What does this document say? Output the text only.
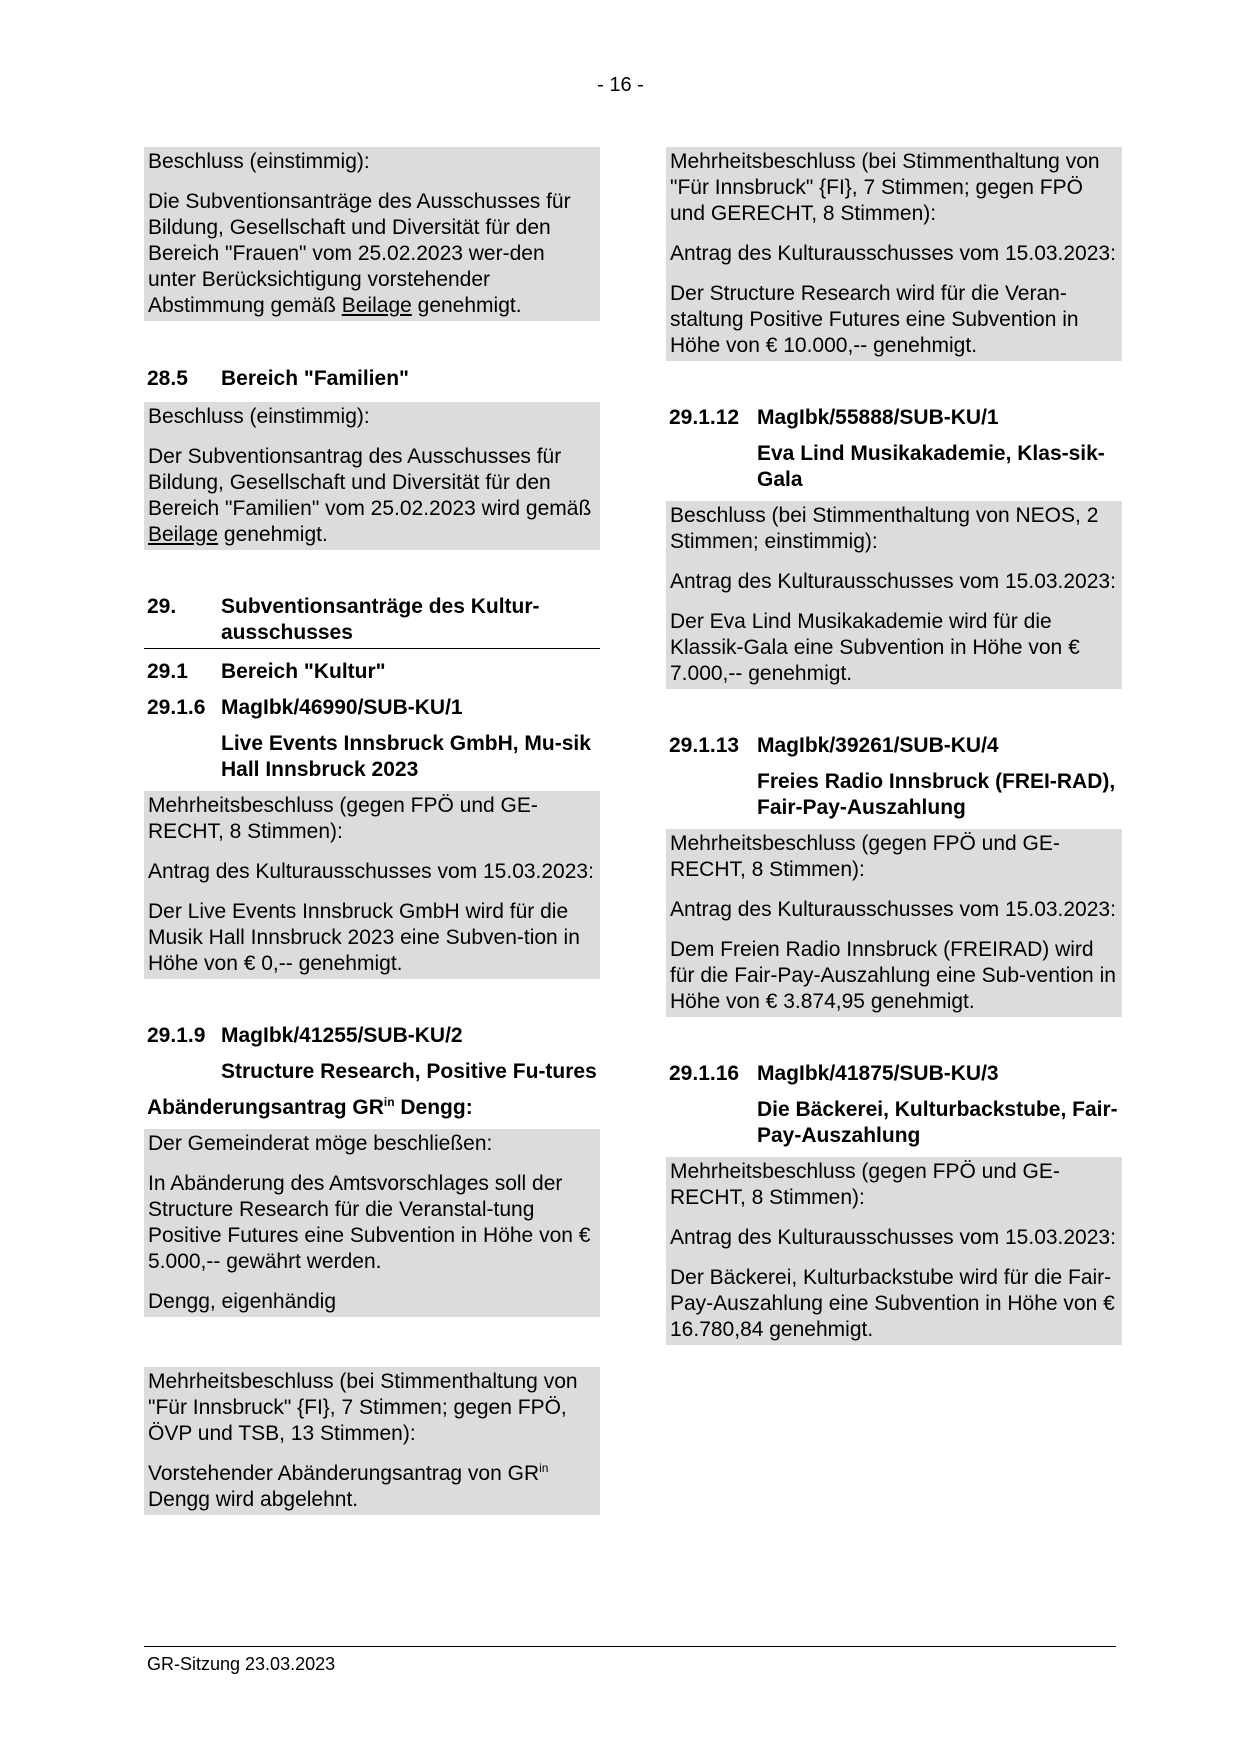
- 16 -
Beschluss (einstimmig):
Die Subventionsanträge des Ausschusses für Bildung, Gesellschaft und Diversität für den Bereich "Frauen" vom 25.02.2023 wer-den unter Berücksichtigung vorstehender Abstimmung gemäß Beilage genehmigt.
28.5	Bereich "Familien"
Beschluss (einstimmig):
Der Subventionsantrag des Ausschusses für Bildung, Gesellschaft und Diversität für den Bereich "Familien" vom 25.02.2023 wird gemäß Beilage genehmigt.
29.	Subventionsanträge des Kultur-ausschusses
29.1	Bereich "Kultur"
29.1.6 MagIbk/46990/SUB-KU/1
Live Events Innsbruck GmbH, Mu-sik Hall Innsbruck 2023
Mehrheitsbeschluss (gegen FPÖ und GE-RECHT, 8 Stimmen):
Antrag des Kulturausschusses vom 15.03.2023:
Der Live Events Innsbruck GmbH wird für die Musik Hall Innsbruck 2023 eine Subven-tion in Höhe von € 0,-- genehmigt.
29.1.9 MagIbk/41255/SUB-KU/2
Structure Research, Positive Fu-tures
Abänderungsantrag $GR^{in}$ Dengg:
Der Gemeinderat möge beschließen:
In Abänderung des Amtsvorschlages soll der Structure Research für die Veranstal-tung Positive Futures eine Subvention in Höhe von € 5.000,-- gewährt werden.
Dengg, eigenhändig
Mehrheitsbeschluss (bei Stimmenthaltung von "Für Innsbruck" {FI}, 7 Stimmen; gegen FPÖ, ÖVP und TSB, 13 Stimmen):
Vorstehender Abänderungsantrag von $GR^{in}$ Dengg wird abgelehnt.
Mehrheitsbeschluss (bei Stimmenthaltung von "Für Innsbruck" {FI}, 7 Stimmen; gegen FPÖ und GERECHT, 8 Stimmen):
Antrag des Kulturausschusses vom 15.03.2023:
Der Structure Research wird für die Veran-staltung Positive Futures eine Subvention in Höhe von € 10.000,-- genehmigt.
29.1.12 MagIbk/55888/SUB-KU/1
Eva Lind Musikakademie, Klas-sik-Gala
Beschluss (bei Stimmenthaltung von NEOS, 2 Stimmen; einstimmig):
Antrag des Kulturausschusses vom 15.03.2023:
Der Eva Lind Musikakademie wird für die Klassik-Gala eine Subvention in Höhe von € 7.000,-- genehmigt.
29.1.13 MagIbk/39261/SUB-KU/4
Freies Radio Innsbruck (FREI-RAD), Fair-Pay-Auszahlung
Mehrheitsbeschluss (gegen FPÖ und GE-RECHT, 8 Stimmen):
Antrag des Kulturausschusses vom 15.03.2023:
Dem Freien Radio Innsbruck (FREIRAD) wird für die Fair-Pay-Auszahlung eine Sub-vention in Höhe von € 3.874,95 genehmigt.
29.1.16 MagIbk/41875/SUB-KU/3
Die Bäckerei, Kulturbackstube, Fair-Pay-Auszahlung
Mehrheitsbeschluss (gegen FPÖ und GE-RECHT, 8 Stimmen):
Antrag des Kulturausschusses vom 15.03.2023:
Der Bäckerei, Kulturbackstube wird für die Fair-Pay-Auszahlung eine Subvention in Höhe von € 16.780,84 genehmigt.
GR-Sitzung 23.03.2023
